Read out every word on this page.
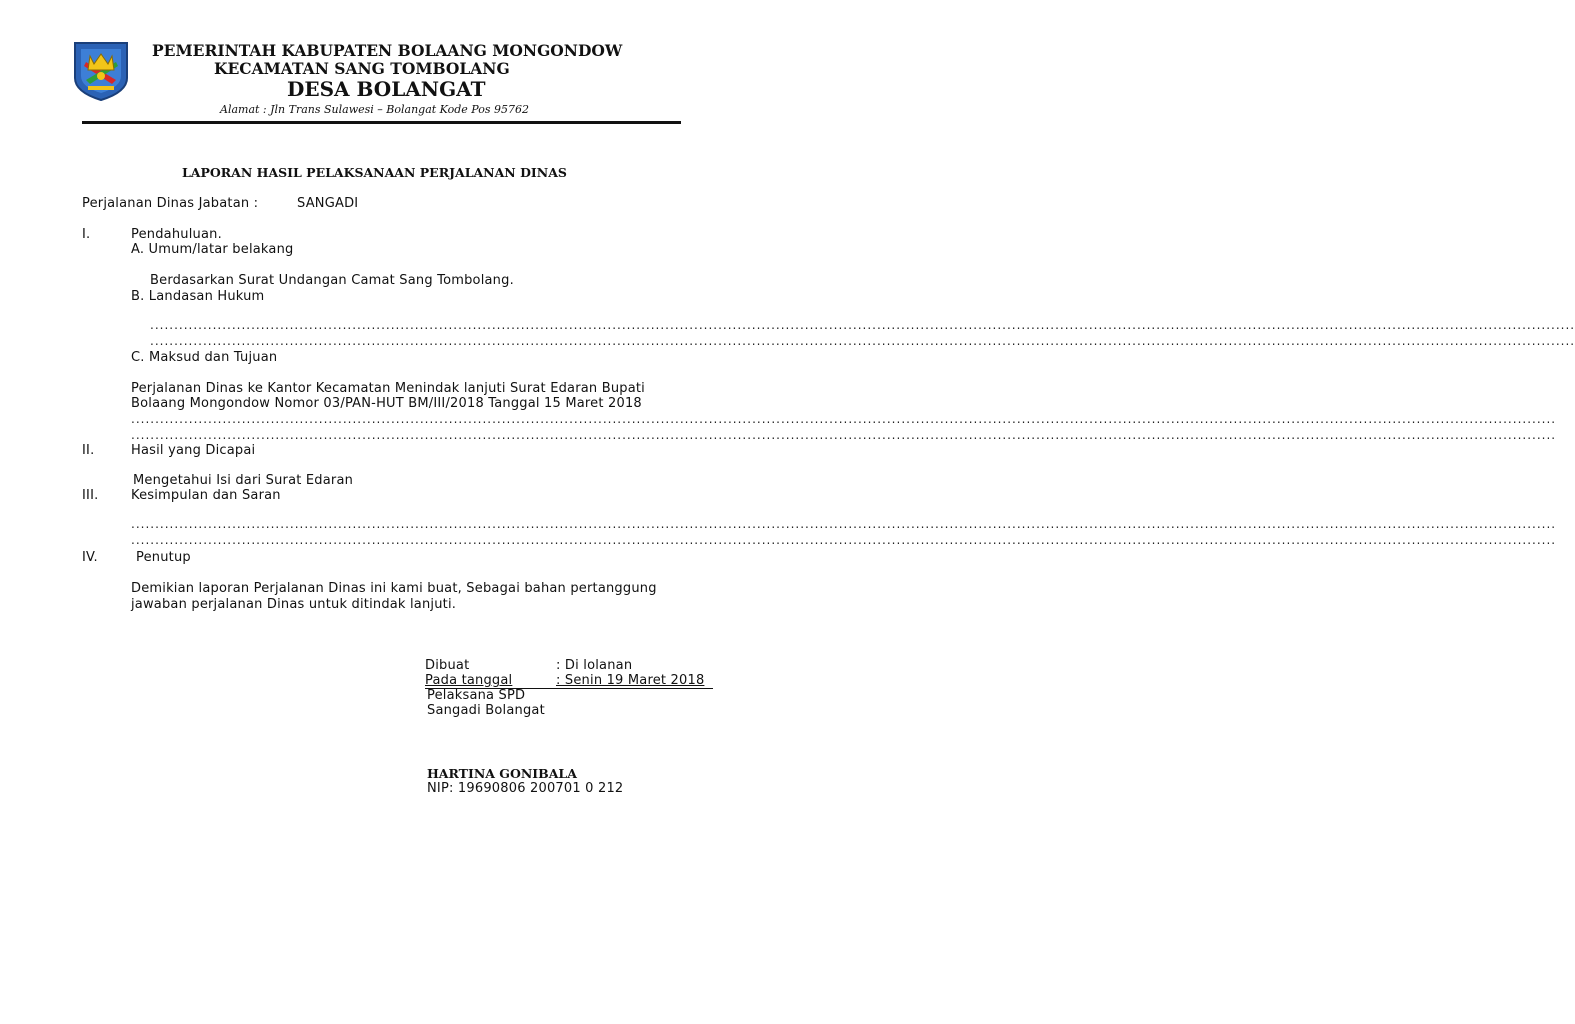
PEMERINTAH KABUPATEN BOLAANG MONGONDOW
KECAMATAN SANG TOMBOLANG
DESA BOLANGAT
Alamat : Jln Trans Sulawesi – Bolangat Kode Pos 95762
LAPORAN HASIL PELAKSANAAN PERJALANAN DINAS
Perjalanan Dinas Jabatan :	SANGADI
I.	Pendahuluan.
A. Umum/latar belakang
Berdasarkan Surat Undangan Camat Sang Tombolang.
B. Landasan Hukum
........................................................................................................................................................................................................................................................................................................
........................................................................................................................................................................................................................................................................................................
C. Maksud dan Tujuan
Perjalanan Dinas ke Kantor Kecamatan Menindak lanjuti Surat Edaran Bupati
Bolaang Mongondow Nomor 03/PAN-HUT BM/III/2018 Tanggal 15 Maret 2018
........................................................................................................................................................................................................................................................................................................
........................................................................................................................................................................................................................................................................................................
II.	Hasil yang Dicapai
Mengetahui Isi dari Surat Edaran
III.	Kesimpulan dan Saran
........................................................................................................................................................................................................................................................................................................
........................................................................................................................................................................................................................................................................................................
IV.	Penutup
Demikian laporan Perjalanan Dinas ini kami buat, Sebagai bahan pertanggung
jawaban perjalanan Dinas untuk ditindak lanjuti.
Dibuat	: Di lolanan
Pada tanggal	: Senin 19 Maret 2018
Pelaksana SPD
Sangadi Bolangat
HARTINA GONIBALA
NIP: 19690806 200701 0 212
